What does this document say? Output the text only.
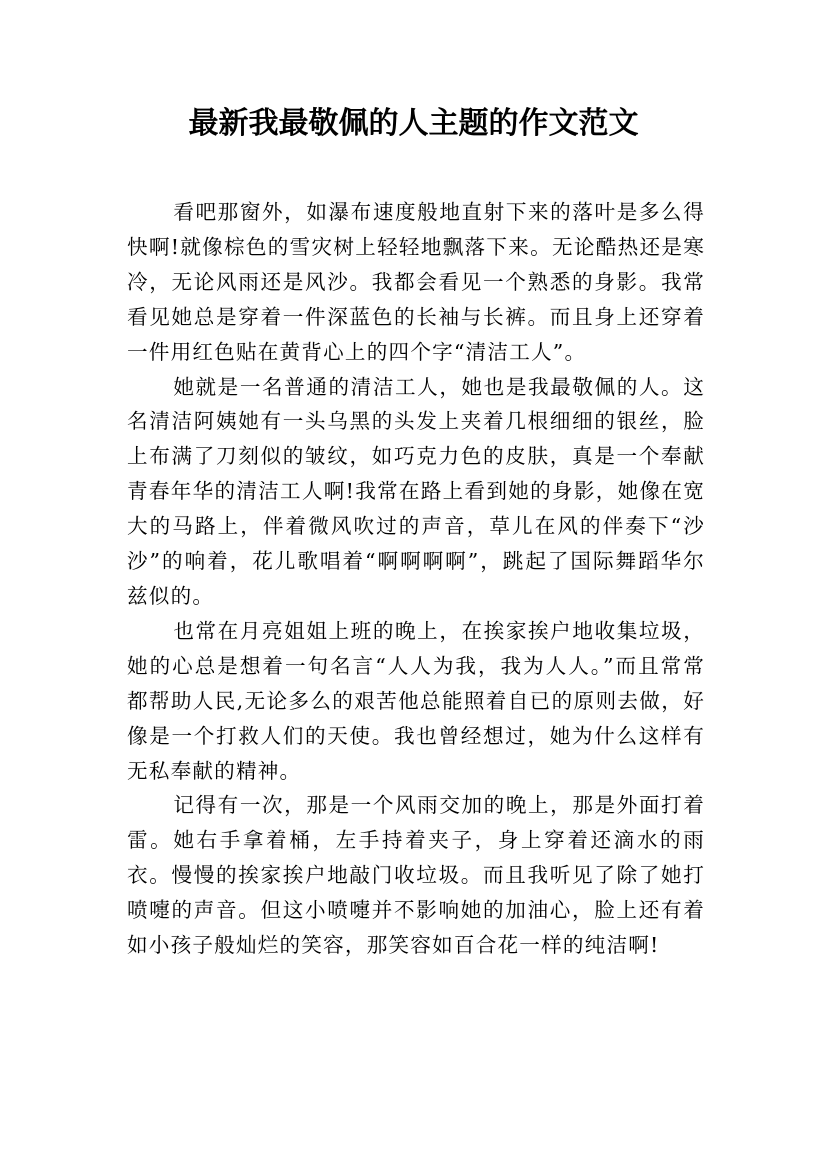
最新我最敬佩的人主题的作文范文

看吧那窗外，如瀑布速度般地直射下来的落叶是多么得快啊!就像棕色的雪灾树上轻轻地飘落下来。无论酷热还是寒冷，无论风雨还是风沙。我都会看见一个熟悉的身影。我常看见她总是穿着一件深蓝色的长袖与长裤。而且身上还穿着一件用红色贴在黄背心上的四个字“清洁工人”。

她就是一名普通的清洁工人，她也是我最敬佩的人。这名清洁阿姨她有一头乌黑的头发上夹着几根细细的银丝，脸上布满了刀刻似的皱纹，如巧克力色的皮肤，真是一个奉献青春年华的清洁工人啊!我常在路上看到她的身影，她像在宽大的马路上，伴着微风吹过的声音，草儿在风的伴奏下“沙沙”的响着，花儿歌唱着“啊啊啊啊”，跳起了国际舞蹈华尔兹似的。

也常在月亮姐姐上班的晚上，在挨家挨户地收集垃圾，她的心总是想着一句名言“人人为我，我为人人。”而且常常都帮助人民,无论多么的艰苦他总能照着自已的原则去做，好像是一个打救人们的天使。我也曾经想过，她为什么这样有无私奉献的精神。

记得有一次，那是一个风雨交加的晚上，那是外面打着雷。她右手拿着桶，左手持着夹子，身上穿着还滴水的雨衣。慢慢的挨家挨户地敲门收垃圾。而且我听见了除了她打喷嚏的声音。但这小喷嚏并不影响她的加油心，脸上还有着如小孩子般灿烂的笑容，那笑容如百合花一样的纯洁啊!
